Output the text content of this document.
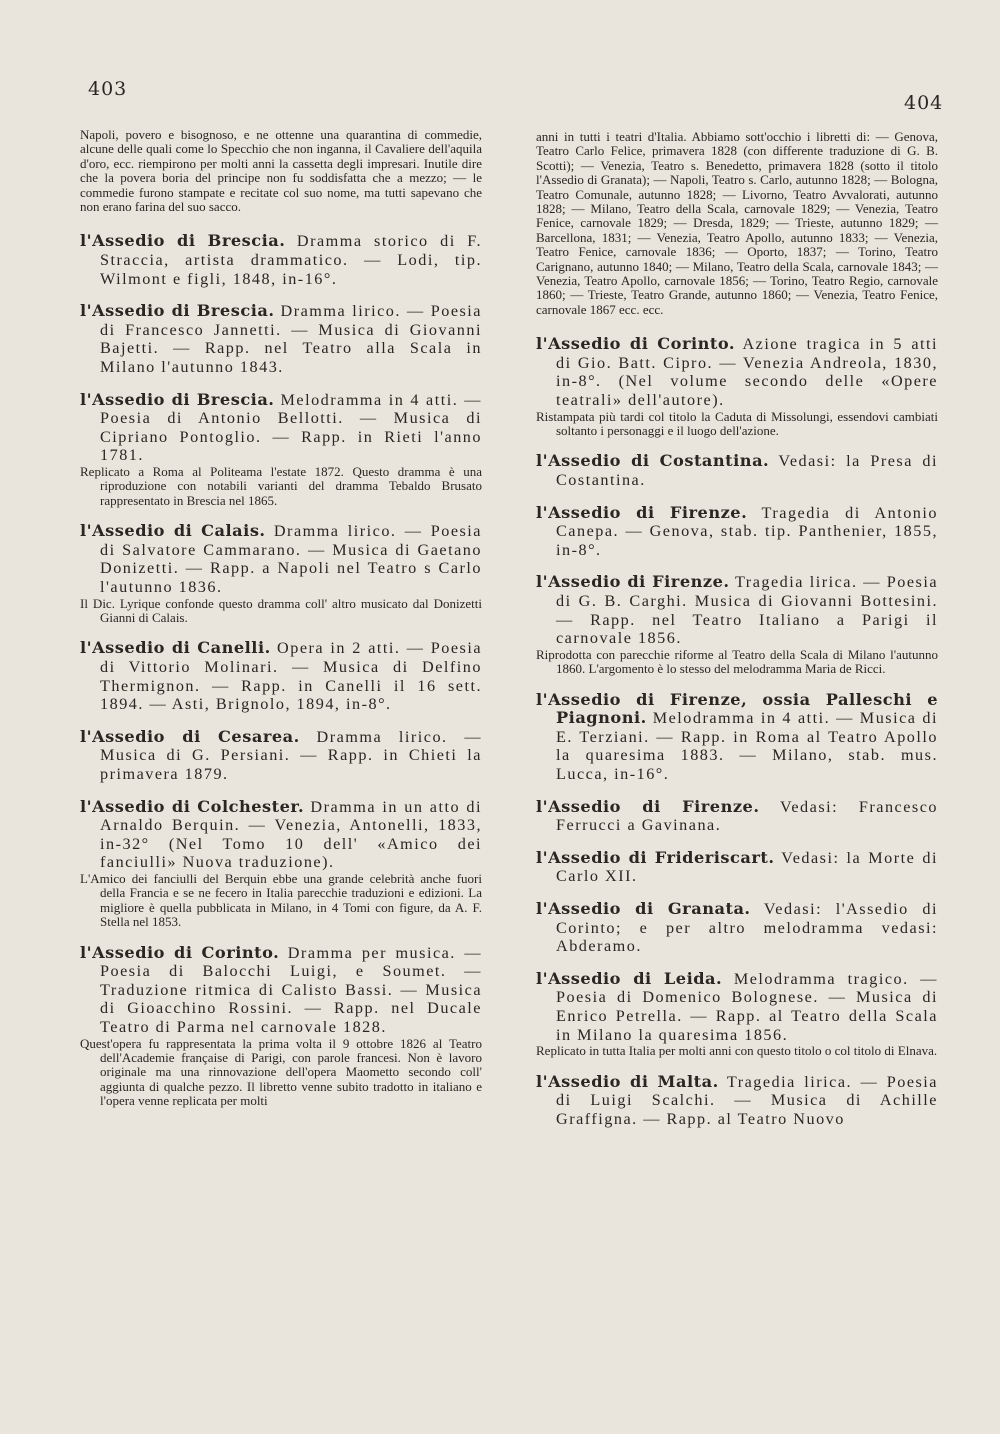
403
404

Napoli, povero e bisognoso, e ne ottenne una quarantina di commedie, alcune delle quali come lo Specchio che non inganna, il Cavaliere dell'aquila d'oro, ecc. riempirono per molti anni la cassetta degli impresari. Inutile dire che la povera boria del principe non fu soddisfatta che a mezzo; — le commedie furono stampate e recitate col suo nome, ma tutti sapevano che non erano farina del suo sacco.

l'Assedio di Brescia. Dramma storico di F. Straccia, artista drammatico. — Lodi, tip. Wilmont e figli, 1848, in-16°.

l'Assedio di Brescia. Dramma lirico. — Poesia di Francesco Jannetti. — Musica di Giovanni Bajetti. — Rapp. nel Teatro alla Scala in Milano l'autunno 1843.

l'Assedio di Brescia. Melodramma in 4 atti. — Poesia di Antonio Bellotti. — Musica di Cipriano Pontoglio. — Rapp. in Rieti l'anno 1781.

Replicato a Roma al Politeama l'estate 1872. Questo dramma è una riproduzione con notabili varianti del dramma Tebaldo Brusato rappresentato in Brescia nel 1865.

l'Assedio di Calais. Dramma lirico. — Poesia di Salvatore Cammarano. — Musica di Gaetano Donizetti. — Rapp. a Napoli nel Teatro s Carlo l'autunno 1836.

Il Dic. Lyrique confonde questo dramma coll' altro musicato dal Donizetti Gianni di Calais.

l'Assedio di Canelli. Opera in 2 atti. — Poesia di Vittorio Molinari. — Musica di Delfino Thermignon. — Rapp. in Canelli il 16 sett. 1894. — Asti, Brignolo, 1894, in-8°.

l'Assedio di Cesarea. Dramma lirico. — Musica di G. Persiani. — Rapp. in Chieti la primavera 1879.

l'Assedio di Colchester. Dramma in un atto di Arnaldo Berquin. — Venezia, Antonelli, 1833, in-32° (Nel Tomo 10 dell' «Amico dei fanciulli» Nuova traduzione).

L'Amico dei fanciulli del Berquin ebbe una grande celebrità anche fuori della Francia e se ne fecero in Italia parecchie traduzioni e edizioni. La migliore è quella pubblicata in Milano, in 4 Tomi con figure, da A. F. Stella nel 1853.

l'Assedio di Corinto. Dramma per musica. — Poesia di Balocchi Luigi, e Soumet. — Traduzione ritmica di Calisto Bassi. — Musica di Gioacchino Rossini. — Rapp. nel Ducale Teatro di Parma nel carnovale 1828.

Quest'opera fu rappresentata la prima volta il 9 ottobre 1826 al Teatro dell'Academie française di Parigi, con parole francesi. Non è lavoro originale ma una rinnovazione dell'opera Maometto secondo coll' aggiunta di qualche pezzo. Il libretto venne subito tradotto in italiano e l'opera venne replicata per molti

anni in tutti i teatri d'Italia. Abbiamo sott'occhio i libretti di: — Genova, Teatro Carlo Felice, primavera 1828 (con differente traduzione di G. B. Scotti); — Venezia, Teatro s. Benedetto, primavera 1828 (sotto il titolo l'Assedio di Granata); — Napoli, Teatro s. Carlo, autunno 1828; — Bologna, Teatro Comunale, autunno 1828; — Livorno, Teatro Avvalorati, autunno 1828; — Milano, Teatro della Scala, carnovale 1829; — Venezia, Teatro Fenice, carnovale 1829; — Dresda, 1829; — Trieste, autunno 1829; — Barcellona, 1831; — Venezia, Teatro Apollo, autunno 1833; — Venezia, Teatro Fenice, carnovale 1836; — Oporto, 1837; — Torino, Teatro Carignano, autunno 1840; — Milano, Teatro della Scala, carnovale 1843; — Venezia, Teatro Apollo, carnovale 1856; — Torino, Teatro Regio, carnovale 1860; — Trieste, Teatro Grande, autunno 1860; — Venezia, Teatro Fenice, carnovale 1867 ecc. ecc.

l'Assedio di Corinto. Azione tragica in 5 atti di Gio. Batt. Cipro. — Venezia Andreola, 1830, in-8°. (Nel volume secondo delle «Opere teatrali» dell'autore).

Ristampata più tardi col titolo la Caduta di Missolungi, essendovi cambiati soltanto i personaggi e il luogo dell'azione.

l'Assedio di Costantina. Vedasi: la Presa di Costantina.

l'Assedio di Firenze. Tragedia di Antonio Canepa. — Genova, stab. tip. Panthenier, 1855, in-8°.

l'Assedio di Firenze. Tragedia lirica. — Poesia di G. B. Carghi. Musica di Giovanni Bottesini. — Rapp. nel Teatro Italiano a Parigi il carnovale 1856.

Riprodotta con parecchie riforme al Teatro della Scala di Milano l'autunno 1860. L'argomento è lo stesso del melodramma Maria de Ricci.

l'Assedio di Firenze, ossia Palleschi e Piagnoni. Melodramma in 4 atti. — Musica di E. Terziani. — Rapp. in Roma al Teatro Apollo la quaresima 1883. — Milano, stab. mus. Lucca, in-16°.

l'Assedio di Firenze. Vedasi: Francesco Ferrucci a Gavinana.

l'Assedio di Frideriscart. Vedasi: la Morte di Carlo XII.

l'Assedio di Granata. Vedasi: l'Assedio di Corinto; e per altro melodramma vedasi: Abderamo.

l'Assedio di Leida. Melodramma tragico. — Poesia di Domenico Bolognese. — Musica di Enrico Petrella. — Rapp. al Teatro della Scala in Milano la quaresima 1856.

Replicato in tutta Italia per molti anni con questo titolo o col titolo di Elnava.

l'Assedio di Malta. Tragedia lirica. — Poesia di Luigi Scalchi. — Musica di Achille Graffigna. — Rapp. al Teatro Nuovo
